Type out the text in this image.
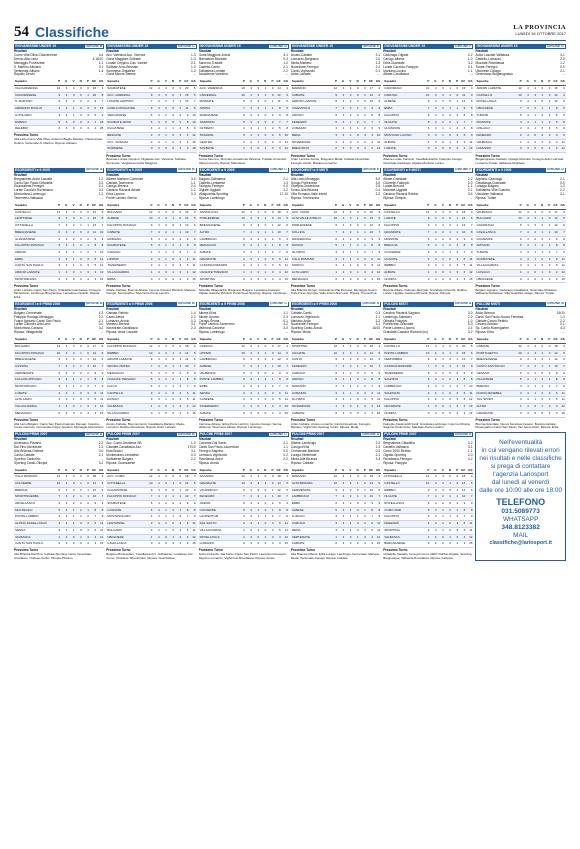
54 Classifiche	LA PROVINCIA
LUNEDÌ 16 OTTOBRE 2017
GIOVANISSIMI UNDER 15	GIRONE B
Risultati
Como Villa Oliva-Chiavennese	3-4
Dervio-Alta Lario	4-16/10
Menaggio-Porlezzese	1-1
S. Martino-Altolario	0-1
Vertemate-Albano	1-4
Rapallo Dervio	...
Squadre	P	G	V	N	P	GF	GS
VALCHIAVENNA	12	4	4	0	0	18	3
CHIAVENNESE	9	4	3	0	1	26	8
S. MARTINO	6	4	2	0	2	9	7
ARDENNO BUGLIO	3	4	1	0	3	6	15
ALTOLARIO	3	4	1	0	3	5	9
DUBINO	0	4	0	0	4	1	18
DELEBIO	0	4	0	0	4	2	25
Prossimo Turno
Alta Lario-Como Villa Oliva; Ardenno Buglio-Delebio; Chiavennese-Dubino; Vertemate-S. Martino; Riposa: Altolario.
GIOVANISSIMI UNDER 15	GIRONE C
Risultati
Acc. Varesina-Acc. Vicenza	1-3
Gorla Maggiore-Solbiate	1-3
Lonate Ceppino-Cas. Varese	2-1
Solbiate Arno-Besnate	1-0
Sommese-Olgiatese	1-2
Gorla Minore-Varese	...
Squadre	P	G	V	N	P	GF	GS
SOLBIATESE	12	4	4	0	0	20	5
ACC. VARESINA	9	4	3	0	1	15	5
LONATE CEPPINO	7	4	2	1	1	13	7
GORLA MAGGIORE	6	4	2	0	2	11	8
VERGIATESE	6	4	2	0	2	9	10
SOLBIATE ARNO	6	4	2	0	2	8	10
OLGIATESE	4	4	1	1	2	6	9
BESNATE	3	4	1	0	3	4	12
ACC. VICENZA	3	4	1	0	3	6	16
SOMMESE	0	4	0	0	4	3	18
Prossimo Turno
Besnate-Lonate Ceppino; Olgiatese-Acc. Varesina; Solbiate-Sommese; Vergiatese-Gorla Maggiore.
GIOVANISSIMI UNDER 15	GIRONE D
Risultati
Gorla Maggiore-Arona	3-1
Marnatese-Mozzate	0-3
Saronno-Tradate	1-0
Castello-Cantù	2-1
Solbiatese-Lentate	2-2
Accademia Varesina	...
Squadre	P	G	V	N	P	GF	GS
ACC. VARESINA	10	4	3	1	0	14	4
UNIVERSAL	10	4	3	1	0	12	3
MOZZATE	9	4	3	0	1	11	5
ARONA	7	4	2	1	1	8	6
MARNATESE	6	4	2	0	2	9	8
SARONNO	6	4	2	0	2	7	7
OLTREPO	4	4	1	1	2	5	8
TRADATE	3	4	1	0	3	5	10
CENTRO	3	4	1	0	3	4	11
SOLBIATE	1	4	0	1	3	3	12
Prossimo Turno
Arona-Saronno; Mozzate-Accademia Varesina; Tradate-Universal; Oltrepo-Centro; Riposa: Marnatese.
GIOVANISSIMI UNDER 15	GIRONE E
Risultati
Arosio-Cabiate	2-1
Lomazzo-Bregnano	2-0
Meda-Mariano	1-3
Novedrate-Fenegrò	2-2
Cantù-Vighizzolo	0-1
Ardor Lazzate	...
Squadre	P	G	V	N	P	GF	GS
MARIANO	12	4	4	0	0	17	4
CABIATE	9	4	3	0	1	12	6
ARDOR LAZZATE	8	4	2	2	0	10	5
VIGHIZZOLO	7	4	2	1	1	9	6
AROSIO	6	4	2	0	2	8	8
FENEGRÒ	5	4	1	2	1	7	7
LOMAZZO	4	4	1	1	2	6	9
MEDA	3	4	1	0	3	4	10
NOVEDRATE	2	4	0	2	2	4	11
BREGNANO	0	4	0	0	4	2	13
Prossimo Turno
Ardor Lazzate-Arosio; Bregnano-Meda; Cabiate-Novedrate; Fenegrò-Cantù; Mariano-Lomazzo.
GIOVANISSIMI UNDER 15	GIRONE F
Risultati
Cadorago-Olgiate	2-2
Carugo-Albese	1-0
Erba-Guanzate	3-2
Lurate Caccivio-Faloppio	0-1
Montano-Lucino	1-1
Albate-Cavallasca	...
Squadre	P	G	V	N	P	GF	GS
CADORAGO	10	4	3	1	0	13	4
CARUGO	10	4	3	1	0	11	3
ALBESE	9	4	3	0	1	12	6
ERBA	7	4	2	1	1	9	6
FALOPPIO	6	4	2	0	2	8	8
OLGIATE	5	4	1	2	1	7	7
GUANZATE	4	4	1	1	2	6	8
MONTANO LUCINO	3	4	1	0	3	5	9
ALBATE	1	4	0	1	3	3	11
LURATE	0	4	0	0	4	2	14
Prossimo Turno
Albese-Lurate Caccivio; Cavallasca-Erba; Faloppio-Carugo; Guanzate-Cadorago; Olgiate-Montano Lucino.
GIOVANISSIMI UNDER 15	GIRONE G
Risultati
Ardor Lazzate-Valbasca	3-1
Castello-Lomazzo	2-0
Mozzate-Rovellasca	1-2
Turate-Fenegrò	0-0
Uboldese-Cislago	2-1
Gerenzano-Bulgarograsso	...
Squadre	P	G	V	N	P	GF	GS
ARDOR LAZZATE	12	4	4	0	0	16	3
CASTELLO	10	4	3	1	0	12	4
ROVELLASCA	9	4	3	0	1	10	5
UBOLDESE	7	4	2	1	1	9	6
TURATE	5	4	1	2	1	6	6
MOZZATE	4	4	1	1	2	6	8
CISLAGO	3	4	1	0	3	5	9
FENEGRÒ	2	4	0	2	2	4	9
VALBASCA	1	4	0	1	3	3	11
LOMAZZO	0	4	0	0	4	2	12
Prossimo Turno
Bulgarograsso-Castello; Cislago-Mozzate; Fenegrò-Ardor Lazzate; Lomazzo-Turate; Valbasca-Uboldese.
ESORDIENTI a 9 2005	GIRONE A
Risultati
Bregnanese-Ardor Lazzate	1-2
Cantù San Paolo-Cittadella	0-3
Guanzatese-Fenegrò	2-1
Lurate Caccivio-Rovellasca	3-3
Montorfano-Lambrugo	1-2
Tavernerio-Valbasca	...
Squadre	P	G	V	N	P	GF	GS
CASTELLO	12	4	4	0	0	21	5
LENTATESE	9	4	3	0	1	15	8
CITTADELLA	7	4	2	1	1	13	7
BREGNANESE	6	4	2	0	2	11	10
GUANZATESE	6	4	2	0	2	9	9
FALOPPIO RONAGO	5	4	1	2	1	8	8
ARDOR	4	4	1	1	2	7	10
ERBA	3	4	1	0	3	6	12
CANTÙ SAN PAOLO	3	4	1	0	3	5	12
ARDOR LAZZATE	1	4	0	1	3	4	13
MONTORFANO	0	4	0	0	4	3	15
Prossimo Turno
Ardor Lazzate-Cantù San Paolo; Cittadella-Guanzatese; Fenegrò-Montorfano; Lambrugo-Bregnanese; Lentatese-Castello; Riposa: Erba.
ESORDIENTI a 9 2005	GIRONE B
Risultati
Albese-Mariano Comense	3-0
Cabiate-Tavernerio	1-1
Carugo-Brenna	2-4
Cassina Rizzardi-Albate	1-2
Erba-Lipomo	0-3
Ponte Lambro-Senna	...
Squadre	P	G	V	N	P	GF	GS
BULGARO	12	4	4	0	0	19	4
ALBESE	10	4	3	1	0	14	5
FALOPPIO RONAGO	9	4	3	0	1	13	6
CABIATE	7	4	2	1	1	10	7
MARIANO	6	4	2	0	2	9	9
SOLBIATESE	5	4	1	2	1	8	8
CARUGO	4	4	1	1	2	7	9
LIPOMO	3	4	1	0	3	6	11
TAVERNERIO	3	4	1	0	3	5	11
VILLAGUARDIA	1	4	0	1	3	4	12
ERBA	0	4	0	0	4	3	15
Prossimo Turno
Albate-Cabiate; Brenna-Albese; Lipomo-Cassina Rizzardi; Mariano-Carugo; Senna-Erba; Tavernerio-Ponte Lambro.
ESORDIENTI a 9 2005	GIRONE C
Risultati
Bulgaro-Solbiatese	2-1
Castello-Lentatese	1-3
Faloppio-Fenegrò	0-0
Olgiate-Uggiate	3-2
Villaguardia-Sporting	17-10
Riposa: Lambrugo	...
Squadre	P	G	V	N	P	GF	GS
SANTALUCIA	12	4	4	0	0	18	4
PORLEZZESE	10	4	3	1	0	14	5
BREGNANESE	9	4	3	0	1	12	6
ALTRO	7	4	2	1	1	10	7
LAMBRUGO	6	4	2	0	2	9	9
MENAGGIO	5	4	1	2	1	8	8
ALBATE	4	4	1	1	2	7	9
GRANDATE	3	4	1	0	3	6	11
CASSINA RIZZARDI	3	4	1	0	3	5	11
UGGIATE TREVANO	1	4	0	1	3	4	12
SPORTING	0	4	0	0	4	3	15
Prossimo Turno
Altavalle-Villaguardia; Bregnano-Bulgaro; Lentatese-Faloppio; Olgiate-Cassina Rizzardi; Porlezzese-Sporting; Riposa: Lambrugo.
ESORDIENTI a 9 MISTI	GIRONE E
Risultati
Alta Lario-Menaggio	5-0
Dongo-Porlezzese	3-0
Olympia-Gravedona	2-5
Sorico-Alta Brianza	0-4
Villa Romanò-Valle Intelvi	2-2
Riposa: Tremezzina	...
Squadre	P	G	V	N	P	GF	GS
ACC. COMO	12	4	4	0	0	20	4
ALTA VALLE INTELVI	10	4	3	1	0	15	5
PORLEZZESE	9	4	3	0	1	12	6
COLLINA	7	4	2	1	1	10	7
GRAVEDONA	6	4	2	0	2	9	9
DONGO	5	4	1	2	1	8	8
OLYMPIA	4	4	1	1	2	7	9
VILLA ROMANÒ	3	4	1	0	3	6	11
SORICO	3	4	1	0	3	5	11
ALTA LARIO	1	4	0	1	3	4	12
MENAGGIO	0	4	0	0	4	3	15
Prossimo Turno
Alta Brianza-Dongo; Gravedona-Villa Romanò; Menaggio-Sorico; Porlezzese-Olympia; Valle Intelvi-Alta Lario; Riposa: Tremezzina.
ESORDIENTI a 9 MISTI	GIRONE F
Risultati
Albate-Grandate	2-2
Colverde-Faloppio	0-3
Lurate-Breccia	1-1
Mozzate-Uggiate	2-1
Cassina Rizzardi-Rebbio	3-4
Riposa: Olimpia	...
Squadre	P	G	V	N	P	GF	GS
CASTELLO	12	4	4	0	0	18	4
LURATE	9	4	3	0	1	14	6
FALOPPIO	9	4	3	0	1	12	7
GRANDATE	7	4	2	1	1	10	8
MOZZATE	6	4	2	0	2	9	9
BRECCIA	5	4	1	2	1	8	8
COLVERDE	4	4	1	1	2	7	9
UGGIATE	3	4	1	0	3	6	11
REBBIO	3	4	1	0	3	5	11
ALBATE	1	4	0	1	3	4	12
OLIMPIA	0	4	0	0	4	3	15
Prossimo Turno
Breccia-Albate; Faloppio-Mozzate; Grandate-Colverde; Rebbio-Lurate; Uggiate-Cassina Rizzardi; Riposa: Olimpia.
ESORDIENTI a 9 2005	GIRONE D
Risultati
Appiano-Cadorago	2-1
Cavallasca-Guanzate	0-0
Luisago-Bulgaro	1-3
Solbiatese-Villa Guardia	2-2
Uboldese-Valbasca	3-1
Riposa: Turate	...
Squadre	P	G	V	N	P	GF	GS
VALBASCA	12	4	4	0	0	17	4
BULGARO	10	4	3	1	0	14	5
CADORAGO	9	4	3	0	1	12	6
CAVALLASCA	7	4	2	1	1	10	7
GUANZATE	6	4	2	0	2	9	9
APPIANO	5	4	1	2	1	8	8
TURATE	4	4	1	1	2	7	9
SOLBIATESE	3	4	1	0	3	6	11
VILLAGUARDIA	3	4	1	0	3	5	11
LUISAGO	1	4	0	1	3	4	12
UBOLDESE	0	4	0	0	4	3	15
Prossimo Turno
Bulgaro-Appiano; Cadorago-Cavallasca; Guanzate-Uboldese; Valbasca-Solbiatese; Villa Guardia-Luisago; Riposa: Turate.
ESORDIENTI a 9 PRIMI 2006	GIRONE A
Risultati
Bulgaro-Cermenate	4-3
Faloppio Ronago-Menaggio	2-2
Fulgor Appiano-Cantù San Paolo	2-1
Lurate Caccivio-Alta Lario	0-0
Montorfano-Cassina	3-2
Riposa: Villaguardia	...
Squadre	P	G	V	N	P	GF	GS
BULGARO	12	4	4	0	0	17	5
FALOPPIO RONAGO	10	4	3	1	0	14	5
BREGNANESE	9	4	3	0	1	12	6
CASSINA	7	4	2	1	1	10	7
CERMENATE	6	4	2	0	2	9	9
FULGOR APPIANO	5	4	1	2	1	8	8
MONTORFANO	4	4	1	1	2	7	9
LURATE	3	4	1	0	3	6	11
ALTA LARIO	3	4	1	0	3	5	11
VILLAGUARDIA	1	4	0	1	3	4	12
MENAGGIO	0	4	0	0	4	3	15
Prossimo Turno
Alta Lario-Bulgaro; Cantù San Paolo-Faloppio Ronago; Cassina-Lurate Caccivio; Cermenate-Fulgor Appiano; Menaggio-Montorfano.
ESORDIENTI a 9 PRIMI 2006	GIRONE B
Risultati
Cabiate-Rebbio	1-4
Cantù-Meda	2-2
Lomazzo-Arosio	0-3
Mariano-Brenna	3-1
Novedrate-Cavallasca	2-0
Riposa: Ardor Lazzate	...
Squadre	P	G	V	N	P	GF	GS
FALOPPIO RONAGO	12	4	4	0	0	18	4
REBBIO	10	4	3	1	0	14	5
ARDOR LAZZATE	9	4	3	0	1	12	6
ARONA UNITED	7	4	2	1	1	10	7
MENAGGIO	6	4	2	0	2	9	9
UGGIATE TREVANO	5	4	1	2	1	8	8
FALCO	4	4	1	1	2	7	9
CANTELLO	3	4	1	0	3	6	11
DONGO	3	4	1	0	3	5	11
VALBASCA	1	4	0	1	3	4	12
VILLAGUARDIA	0	4	0	0	4	3	15
Prossimo Turno
Arosio-Cabiate; Brenna-Cantù; Cavallasca-Mariano; Meda-Lomazzo; Rebbio-Novedrate; Riposa: Ardor Lazzate.
ESORDIENTI a 9 PRIMI 2006	GIRONE C
Risultati
Albese-Erba	1-1
Albate-Lipomo	2-3
Carugo-Senna	0-1
Ponte Lambro-Tavernerio	4-2
Valbrona-Canzese	3-0
Riposa: Lambrugo	...
Squadre	P	G	V	N	P	GF	GS
CARUGO	12	4	4	0	0	17	4
LIPOMO	10	4	3	1	0	14	5
LAMBRUGO	9	4	3	0	1	12	6
ALBESE	7	4	2	1	1	10	7
VALBRONA	6	4	2	0	2	9	9
PONTE LAMBRO	5	4	1	2	1	8	8
ERBA	4	4	1	1	2	7	9
SENNA	3	4	1	0	3	6	11
CANZESE	3	4	1	0	3	5	11
TAVERNERIO	1	4	0	1	3	4	12
ALBATE	0	4	0	0	4	3	15
Prossimo Turno
Canzese-Albese; Erba-Ponte Lambro; Lipomo-Carugo; Senna-Valbrona; Tavernerio-Albate; Riposa: Lambrugo.
ESORDIENTI a 9 PRIMI 2006	GIRONE D
Risultati
Cabiate-Cantù	0-3
Lomazzo-Vighizzolo	1-1
Mariano-Ardor	2-2
Novedrate-Fenegrò	3-1
Sporting Cantù-Arosio	16/10
Riposa: Meda	...
Squadre	P	G	V	N	P	GF	GS
SPORTING	12	4	4	0	0	18	4
UGGIATE	10	4	3	1	0	14	5
CANTÙ	9	4	3	0	1	12	6
FENEGRÒ	7	4	2	1	1	10	7
CARUGO	6	4	2	0	2	9	9
AROSIO	5	4	1	2	1	8	8
MARIANO	4	4	1	1	2	7	9
LOMAZZO	3	4	1	0	3	6	11
OLYMPIC	3	4	1	0	3	5	11
NOVEDRATE	1	4	0	1	3	4	12
CABIATE	0	4	0	0	4	3	15
Prossimo Turno
Ardor-Cabiate; Arosio-Lomazzo; Cantù-Novedrate; Fenegrò-Mariano; Vighizzolo-Sporting Cantù; Riposa: Meda.
PULCINI MISTI	GIRONE A
Risultati
Cassina Rizzardi-Sagnino	3-0
Lambrugo-Salesiani	2-2
Olimpia-Faloppio	1-0
Porlezzese-Grandate	5-3
Ponte Lambro-Lipomo	2-1
Grandate-Cassina Rizzardi (ns)	3-2
Squadre	P	G	V	N	P	GF	GS
CANTELLO	12	4	4	0	0	20	5
PONTE LAMBRO	10	4	3	1	0	15	6
CERNOBBIO	9	4	3	0	1	13	7
CASSINA RIZZARDI	7	4	2	1	1	11	8
TAVERNERIO	6	4	2	0	2	9	9
SAGNINO	5	4	1	2	1	8	8
LAMBRUGO	4	4	1	1	2	7	10
SALESIANI	3	4	1	0	3	6	11
FALOPPIO	3	4	1	0	3	5	12
GRANDATE	1	4	0	1	3	4	13
OLIMPIA	0	4	0	0	4	3	14
Prossimo Turno
Faloppio-Cassina Rizzardi; Grandate-Lambrugo; Lipomo-Olimpia; Sagnino-Porlezzese; Salesiani-Ponte Lambro.
PULCINI MISTI	GIRONE B
Risultati
Ardor-Brenna	16/10
Cantù San Paolo-Nuova Fenebea	1-3
Cabiate-Canzo Rebbio	2-2
Cesano-Bosisio	0-1
Sp. Cantù-Rosengarten	4-3
Riposa: Erba	...
Squadre	P	G	V	N	P	GF	GS
CABIATE	12	4	4	0	0	18	4
PORTICHETTO	10	4	3	1	0	14	5
BREGNANESE	9	4	3	0	1	12	6
CANTÙ SAN PAOLO	7	4	2	1	1	10	7
CESANO	6	4	2	0	2	9	9
OLGIATESE	5	4	1	2	1	8	8
BRENNA	4	4	1	1	2	7	9
NUOVA FENEBEA	3	4	1	0	3	6	11
TAU SPORT	3	4	1	0	3	5	11
ALTRO	1	4	0	1	3	4	12
GRANDATE	0	4	0	0	4	3	15
Prossimo Turno
Brenna-Grandate; Nuova Fenebea-Cesano; Bosisio-Cabiate; Rosengarten-Cantù San Paolo; Tau Sport-Ardor; Riposa: Erba.
PULCINI PRIMI 2007	GIRONE A
Risultati
Arcellasco-Pizzano	2-2
Dal Pino-Novedrate	1-3
Alto Brianza-Ondese	0-0
Cantù-Cabiate	2-1
Sportivo Canturino	...
Sporting Cantù-Olimpia	3-2
Squadre	P	G	V	N	P	GF	GS
VILLA ROMANÒ	12	4	4	0	0	18	4
COLVERDE	10	4	3	1	0	14	5
BRENNA	9	4	3	0	1	12	6
SPORTINGERBA	7	4	2	1	1	10	7
ARCELLASCO	6	4	2	0	2	9	9
MOLTRASIO	5	4	1	2	1	8	8
PONTE LAMBRO	4	4	1	1	2	7	9
ALPINO ARCELLASCO	3	4	1	0	3	6	11
SENNA	3	4	1	0	3	5	11
VALBASCA	1	4	0	1	3	4	12
CANTÙ SAN PAOLO	0	4	0	0	4	3	15
Prossimo Turno
Alto Brianza-Dal Pino; Cabiate-Sporting Cantù; Novedrate-Arcellasco; Ondese-Cantù; Olimpia-Pizzano.
PULCINI PRIMI 2007	GIRONE B
Risultati
Acc. Como-Uboldese SB	1-0
Casnate-Cavallasca Azz.	17/10
Esta Brazzi	3-1
Montesolaro-Lentatese	0-3
Solbiatese-Bulgaro	2-2
Riposa: Guanzatese	...
Squadre	P	G	V	N	P	GF	GS
ACC. COMO	12	4	4	0	0	18	4
CITTADELLA	10	4	3	1	0	14	5
GUANZATESE	9	4	3	0	1	12	6
FALOPPIO RONAGO	7	4	2	1	1	10	7
SOLBIATESE	6	4	2	0	2	9	9
CASNATE	5	4	1	2	1	8	8
MONTESOLARO	4	4	1	1	2	7	9
LENTATESE	3	4	1	0	3	6	11
BULGARO	3	4	1	0	3	5	11
UBOLDESE	1	4	0	1	3	4	12
CAVALLASCA	0	4	0	0	4	3	15
Prossimo Turno
Bulgaro-Montesolaro; Cavallasca Azz.-Solbiatese; Lentatese-Acc. Como; Uboldese SB-Casnate; Riposa: Guanzatese.
PULCINI PRIMI 2007	GIRONE C
Risultati
Colverde-Dal Santo	2-1
Cantù San Paolo-Laurentum	1-1
Fenegrò-Sagnino	3-0
Lomazzo-Vighizzolo	0-2
Rovellasca-Ardor	2-2
Riposa: Arosio	...
Squadre	P	G	V	N	P	GF	GS
SAGNINO	12	4	4	0	0	18	4
GRANDATE	10	4	3	1	0	14	5
VIGHIZZOLO	9	4	3	0	1	12	6
FENEGRÒ	7	4	2	1	1	10	7
ARDOR	6	4	2	0	2	9	9
COLVERDE	5	4	1	2	1	8	8
LAURENTUM	4	4	1	1	2	7	9
DAL SANTO	3	4	1	0	3	6	11
VILLAGUARDIA	3	4	1	0	3	5	11
ROVELLASCA	1	4	0	1	3	4	12
LOMAZZO	0	4	0	0	4	3	15
Prossimo Turno
Ardor-Colverde; Dal Santo-Cantù San Paolo; Laurentum-Fenegrò; Sagnino-Lomazzo; Vighizzolo-Rovellasca; Riposa: Arosio.
PULCINI PRIMI 2007	GIRONE D
Risultati
Albese-Lambrugo	2-2
Carugo-Erba	1-3
Cermenate-Mariano	0-0
Lurago-Vertemate	2-1
Meda-Alta Brianza	3-3
Riposa: Cabiate	...
Squadre	P	G	V	N	P	GF	GS
MARIANO	12	4	4	0	0	18	4
ALTA BRIANZA	10	4	3	1	0	14	5
CERMENATE	9	4	3	0	1	12	6
LAMBRUGO	7	4	2	1	1	10	7
ERBA	6	4	2	0	2	9	9
ALBESE	5	4	1	2	1	8	8
LURAGO	4	4	1	1	2	7	9
CARUGO	3	4	1	0	3	6	11
MEDA	3	4	1	0	3	5	11
VERTEMATE	1	4	0	1	3	4	12
CABIATE	0	4	0	0	4	3	15
Prossimo Turno
Alta Brianza-Albese; Erba-Lurago; Lambrugo-Cermenate; Mariano-Meda; Vertemate-Carugo; Riposa: Cabiate.
PULCINI PRIMI 2007	GIRONE E
Risultati
Bregnanese-Cittadella	0-2
Castello-Valbasca	3-1
Como 2000-Rebbio	1-1
Olgiate-Sporting	2-0
Rovellasca-Fenegrò	4-2
Riposa: Faloppio	...
Squadre	P	G	V	N	P	GF	GS
CITTADELLA	12	4	4	0	0	18	4
CASTELLO	10	4	3	1	0	14	5
REBBIO	9	4	3	0	1	12	6
OLGIATE	7	4	2	1	1	10	7
ROVELLASCA	6	4	2	0	2	9	9
COMO 2000	5	4	1	2	1	8	8
FALOPPIO	4	4	1	1	2	7	9
FENEGRÒ	3	4	1	0	3	6	11
SPORTING	3	4	1	0	3	5	11
VALBASCA	1	4	0	1	3	4	12
BREGNANESE	0	4	0	0	4	3	15
Prossimo Turno
Cittadella-Castello; Fenegrò-Como 2000; Rebbio-Olgiate; Sporting-Bregnanese; Valbasca-Rovellasca; Riposa: Faloppio.
Nell'eventualità
in cui vengano rilevati errori
nei risultati e nelle classifiche
si prega di contattare
l'agenzia Lariosport
dal lunedì al venerdì
dalle ore 10:00 alle ore 18:00
TELEFONO
031.5089773
WHATSAPP
348.8123382
MAIL
classifiche@lariosport.it
